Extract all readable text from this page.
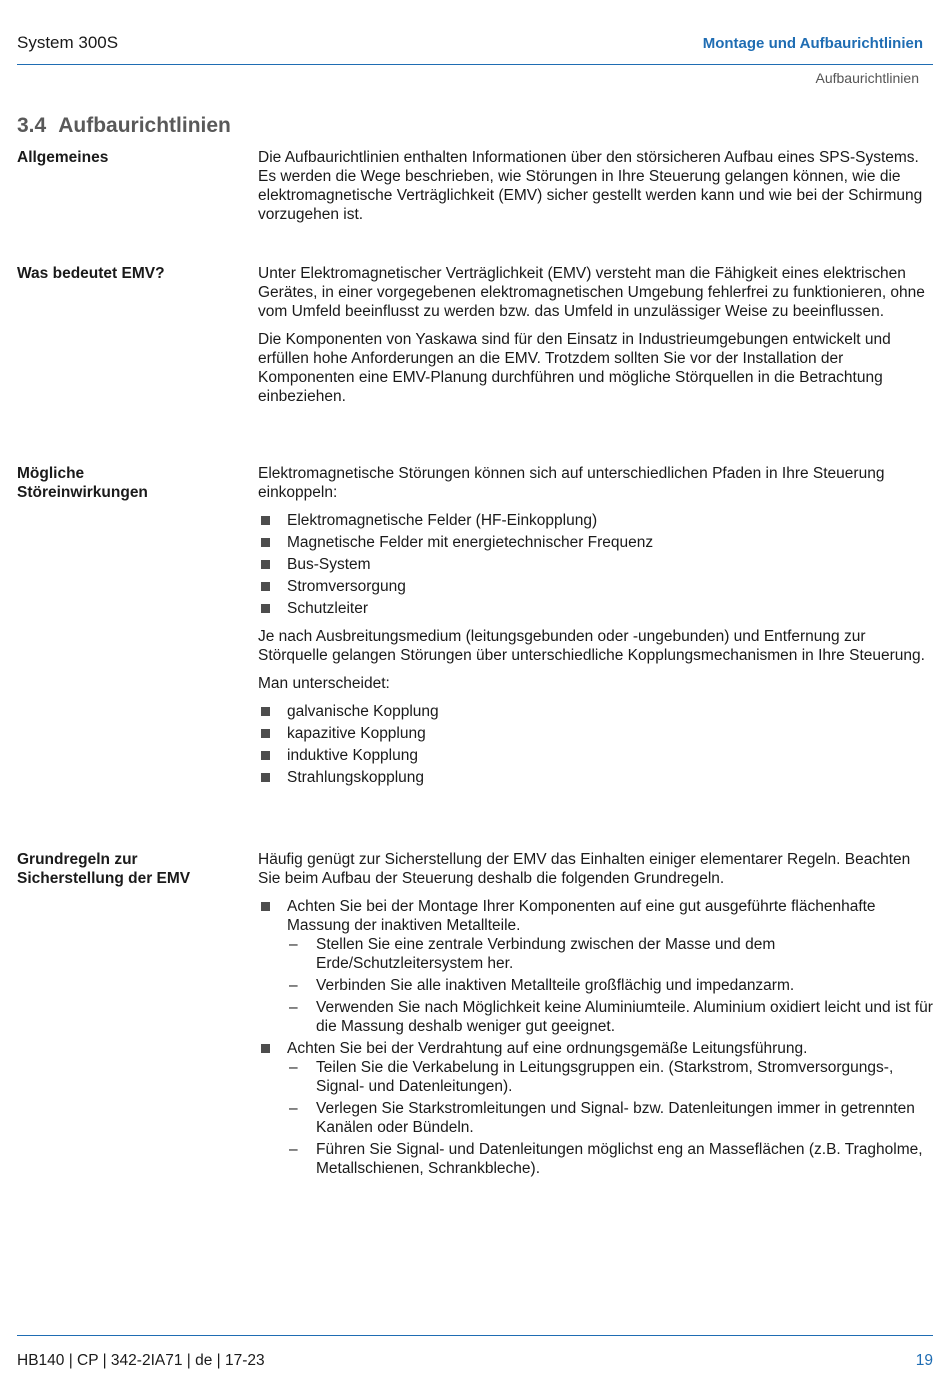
System 300S	Montage und Aufbaurichtlinien
Aufbaurichtlinien
3.4 Aufbaurichtlinien
Allgemeines	Die Aufbaurichtlinien enthalten Informationen über den störsicheren Aufbau eines SPS-Systems. Es werden die Wege beschrieben, wie Störungen in Ihre Steuerung gelangen können, wie die elektromagnetische Verträglichkeit (EMV) sicher gestellt werden kann und wie bei der Schirmung vorzugehen ist.

Was bedeutet EMV?	Unter Elektromagnetischer Verträglichkeit (EMV) versteht man die Fähigkeit eines elektrischen Gerätes, in einer vorgegebenen elektromagnetischen Umgebung fehlerfrei zu funktionieren, ohne vom Umfeld beeinflusst zu werden bzw. das Umfeld in unzulässiger Weise zu beeinflussen.

Die Komponenten von Yaskawa sind für den Einsatz in Industrieumgebungen entwickelt und erfüllen hohe Anforderungen an die EMV. Trotzdem sollten Sie vor der Installation der Komponenten eine EMV-Planung durchführen und mögliche Störquellen in die Betrachtung einbeziehen.

Mögliche Störeinwirkungen

Elektromagnetische Störungen können sich auf unterschiedlichen Pfaden in Ihre Steuerung einkoppeln:

Elektromagnetische Felder (HF-Einkopplung)
Magnetische Felder mit energietechnischer Frequenz
Bus-System
Stromversorgung
Schutzleiter

Je nach Ausbreitungsmedium (leitungsgebunden oder -ungebunden) und Entfernung zur Störquelle gelangen Störungen über unterschiedliche Kopplungsmechanismen in Ihre Steuerung.

Man unterscheidet:

galvanische Kopplung
kapazitive Kopplung
induktive Kopplung
Strahlungskopplung
Grundregeln zur Sicherstellung der EMV

Häufig genügt zur Sicherstellung der EMV das Einhalten einiger elementarer Regeln. Beachten Sie beim Aufbau der Steuerung deshalb die folgenden Grundregeln.

Achten Sie bei der Montage Ihrer Komponenten auf eine gut ausgeführte flächenhafte Massung der inaktiven Metallteile.
– Stellen Sie eine zentrale Verbindung zwischen der Masse und dem Erde/Schutzleitersystem her.
– Verbinden Sie alle inaktiven Metallteile großflächig und impedanzarm.
– Verwenden Sie nach Möglichkeit keine Aluminiumteile. Aluminium oxidiert leicht und ist für die Massung deshalb weniger gut geeignet.
Achten Sie bei der Verdrahtung auf eine ordnungsgemäße Leitungsführung.
– Teilen Sie die Verkabelung in Leitungsgruppen ein. (Starkstrom, Stromversorgungs-, Signal- und Datenleitungen).
– Verlegen Sie Starkstromleitungen und Signal- bzw. Datenleitungen immer in getrennten Kanälen oder Bündeln.
– Führen Sie Signal- und Datenleitungen möglichst eng an Masseflächen (z.B. Tragholme, Metallschienen, Schrankbleche).
HB140 | CP | 342-2IA71 | de | 17-23	19
